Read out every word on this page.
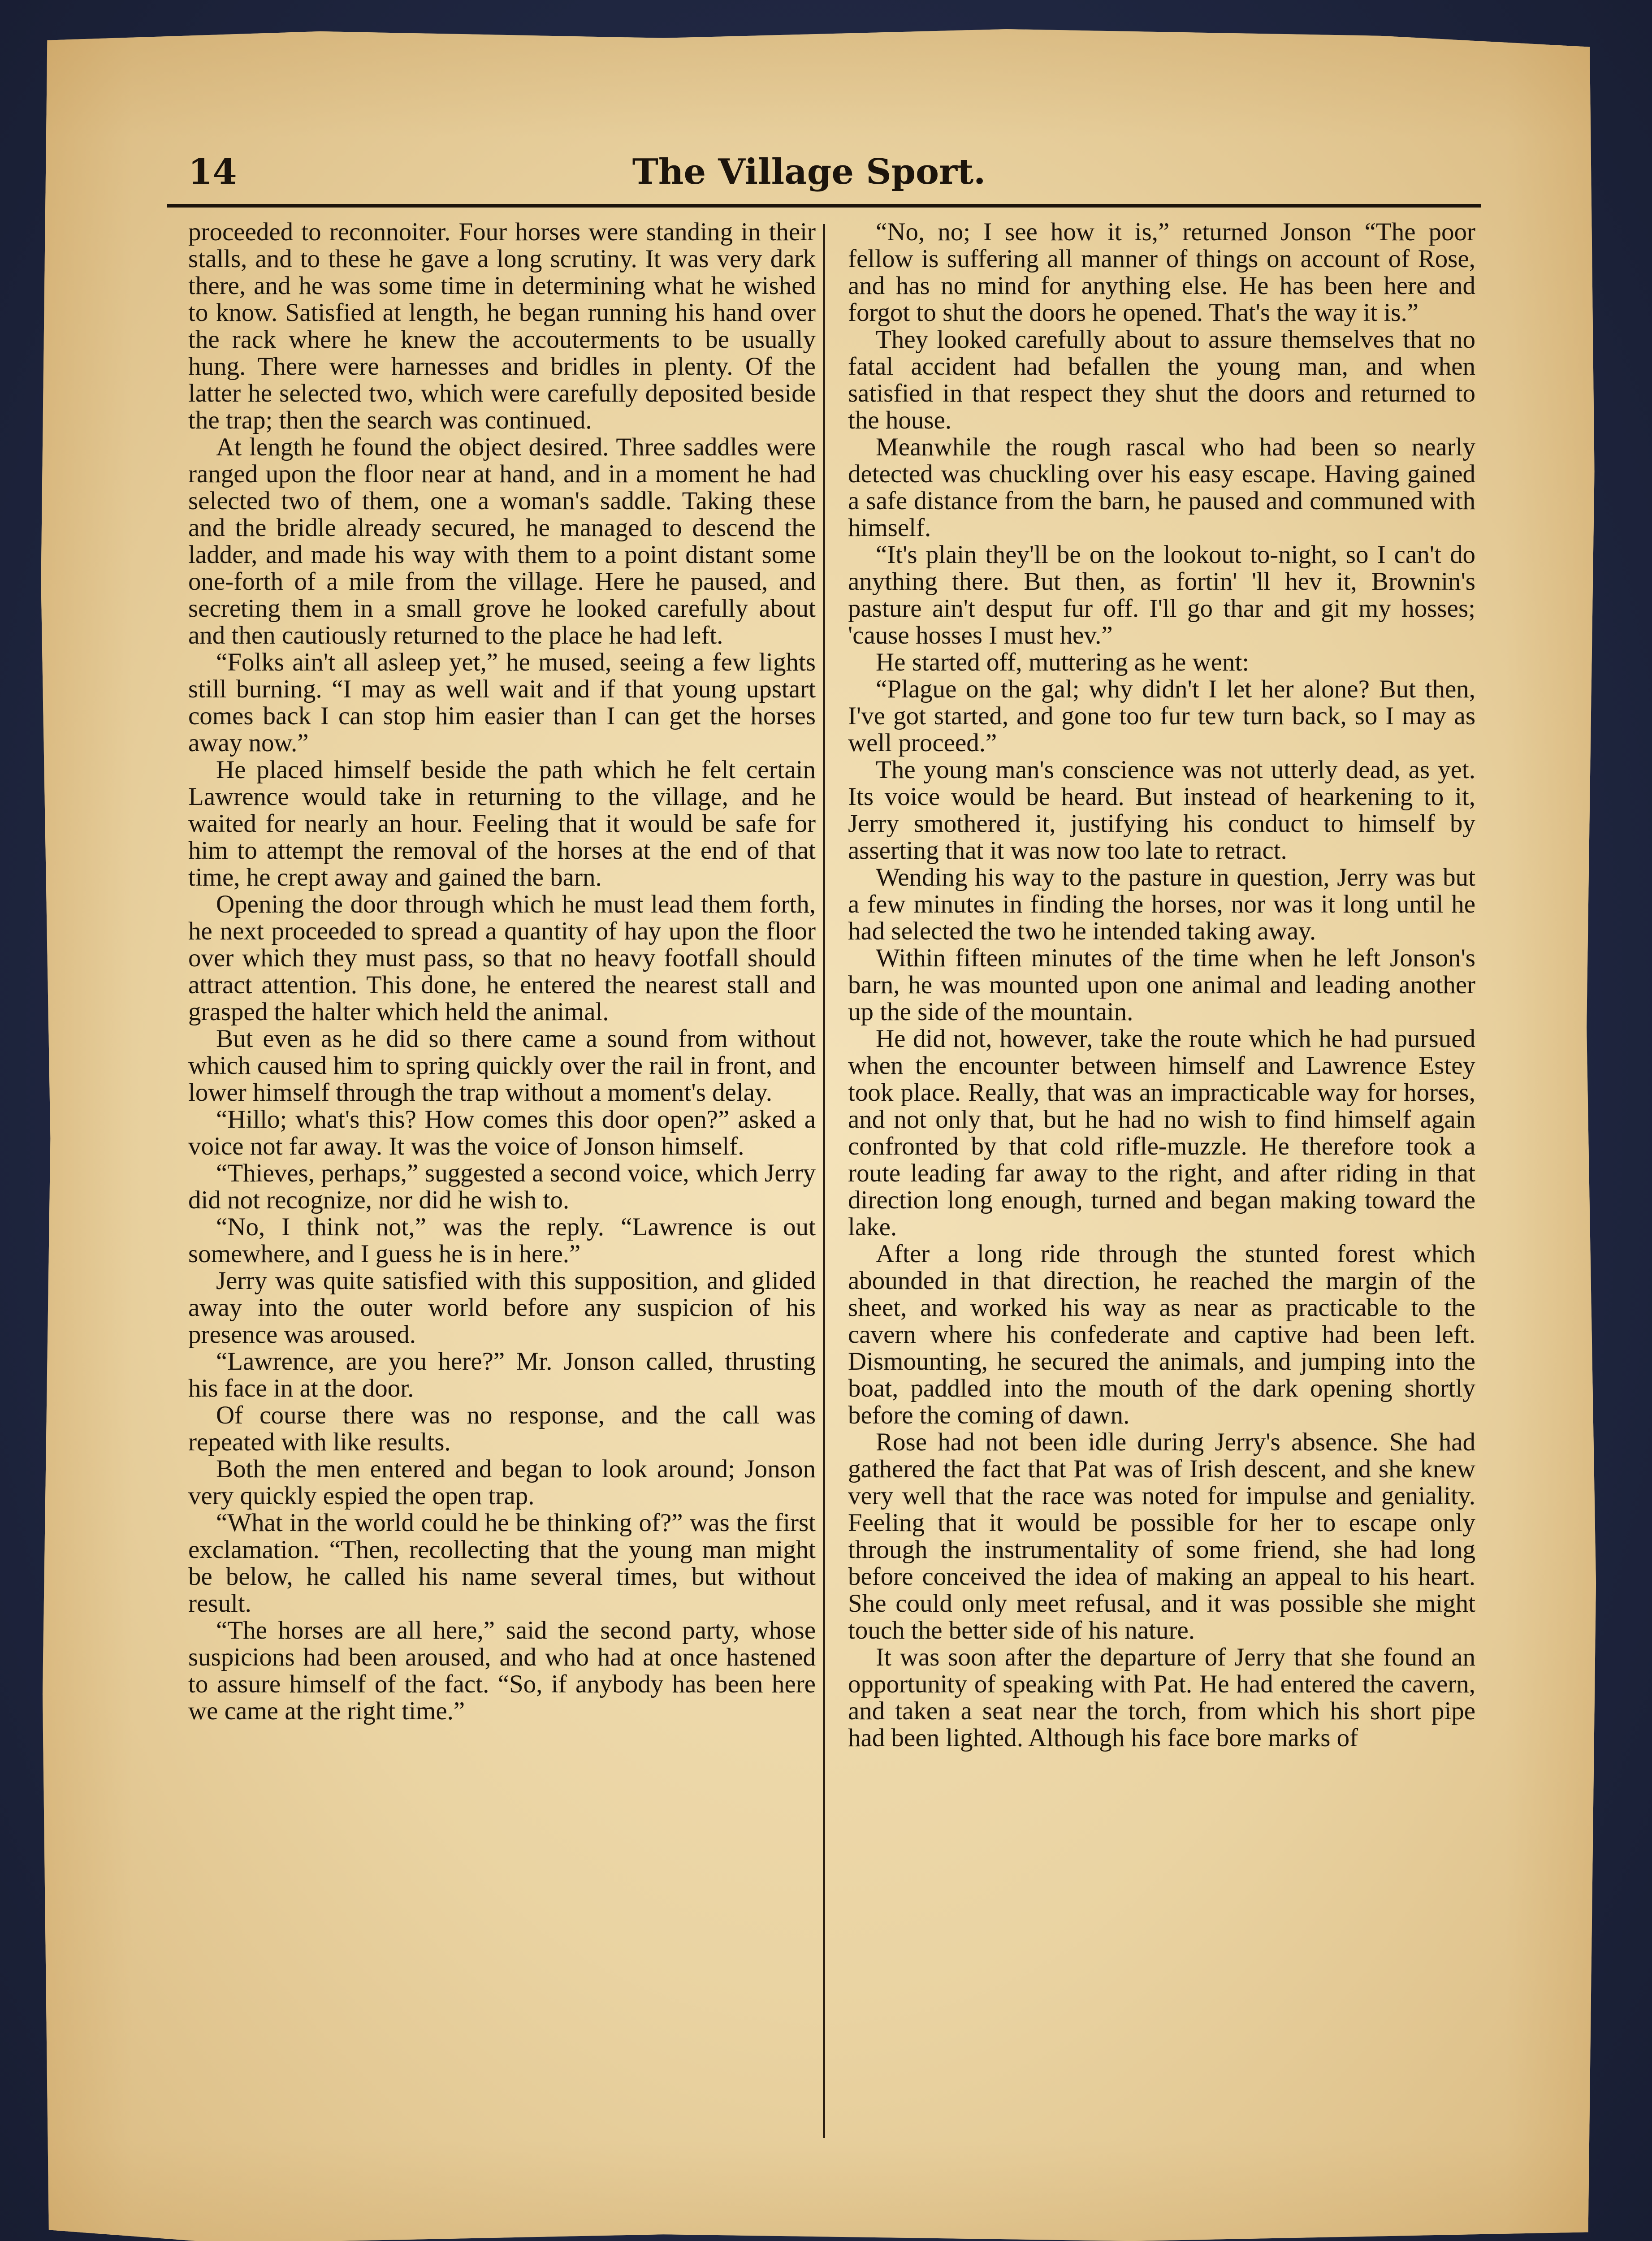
14	The Village Sport.

proceeded to reconnoiter. Four horses were standing in their stalls, and to these he gave a long scrutiny. It was very dark there, and he was some time in determining what he wished to know. Satisfied at length, he began running his hand over the rack where he knew the accouterments to be usually hung. There were harnesses and bridles in plenty. Of the latter he selected two, which were carefully deposited beside the trap; then the search was continued.

At length he found the object desired. Three saddles were ranged upon the floor near at hand, and in a moment he had selected two of them, one a woman's saddle. Taking these and the bridle already secured, he managed to descend the ladder, and made his way with them to a point distant some one-forth of a mile from the village. Here he paused, and secreting them in a small grove he looked carefully about and then cautiously returned to the place he had left.

“Folks ain't all asleep yet,” he mused, seeing a few lights still burning. “I may as well wait and if that young upstart comes back I can stop him easier than I can get the horses away now.”

He placed himself beside the path which he felt certain Lawrence would take in returning to the village, and he waited for nearly an hour. Feeling that it would be safe for him to attempt the removal of the horses at the end of that time, he crept away and gained the barn.

Opening the door through which he must lead them forth, he next proceeded to spread a quantity of hay upon the floor over which they must pass, so that no heavy footfall should attract attention. This done, he entered the nearest stall and grasped the halter which held the animal.

But even as he did so there came a sound from without which caused him to spring quickly over the rail in front, and lower himself through the trap without a moment's delay.

“Hillo; what's this? How comes this door open?” asked a voice not far away. It was the voice of Jonson himself.

“Thieves, perhaps,” suggested a second voice, which Jerry did not recognize, nor did he wish to.

“No, I think not,” was the reply. “Lawrence is out somewhere, and I guess he is in here.”

Jerry was quite satisfied with this supposition, and glided away into the outer world before any suspicion of his presence was aroused.

“Lawrence, are you here?” Mr. Jonson called, thrusting his face in at the door.

Of course there was no response, and the call was repeated with like results.

Both the men entered and began to look around; Jonson very quickly espied the open trap.

“What in the world could he be thinking of?” was the first exclamation. “Then, recollecting that the young man might be below, he called his name several times, but without result.

“The horses are all here,” said the second party, whose suspicions had been aroused, and who had at once hastened to assure himself of the fact. “So, if anybody has been here we came at the right time.”

“No, no; I see how it is,” returned Jonson “The poor fellow is suffering all manner of things on account of Rose, and has no mind for anything else. He has been here and forgot to shut the doors he opened. That's the way it is.”

They looked carefully about to assure themselves that no fatal accident had befallen the young man, and when satisfied in that respect they shut the doors and returned to the house.

Meanwhile the rough rascal who had been so nearly detected was chuckling over his easy escape. Having gained a safe distance from the barn, he paused and communed with himself.

“It's plain they'll be on the lookout to-night, so I can't do anything there. But then, as fortin' 'll hev it, Brownin's pasture ain't desput fur off. I'll go thar and git my hosses; 'cause hosses I must hev.”

He started off, muttering as he went:

“Plague on the gal; why didn't I let her alone? But then, I've got started, and gone too fur tew turn back, so I may as well proceed.”

The young man's conscience was not utterly dead, as yet. Its voice would be heard. But instead of hearkening to it, Jerry smothered it, justifying his conduct to himself by asserting that it was now too late to retract.

Wending his way to the pasture in question, Jerry was but a few minutes in finding the horses, nor was it long until he had selected the two he intended taking away.

Within fifteen minutes of the time when he left Jonson's barn, he was mounted upon one animal and leading another up the side of the mountain.

He did not, however, take the route which he had pursued when the encounter between himself and Lawrence Estey took place. Really, that was an impracticable way for horses, and not only that, but he had no wish to find himself again confronted by that cold rifle-muzzle. He therefore took a route leading far away to the right, and after riding in that direction long enough, turned and began making toward the lake.

After a long ride through the stunted forest which abounded in that direction, he reached the margin of the sheet, and worked his way as near as practicable to the cavern where his confederate and captive had been left. Dismounting, he secured the animals, and jumping into the boat, paddled into the mouth of the dark opening shortly before the coming of dawn.

Rose had not been idle during Jerry's absence. She had gathered the fact that Pat was of Irish descent, and she knew very well that the race was noted for impulse and geniality. Feeling that it would be possible for her to escape only through the instrumentality of some friend, she had long before conceived the idea of making an appeal to his heart. She could only meet refusal, and it was possible she might touch the better side of his nature.

It was soon after the departure of Jerry that she found an opportunity of speaking with Pat. He had entered the cavern, and taken a seat near the torch, from which his short pipe had been lighted. Although his face bore marks of
